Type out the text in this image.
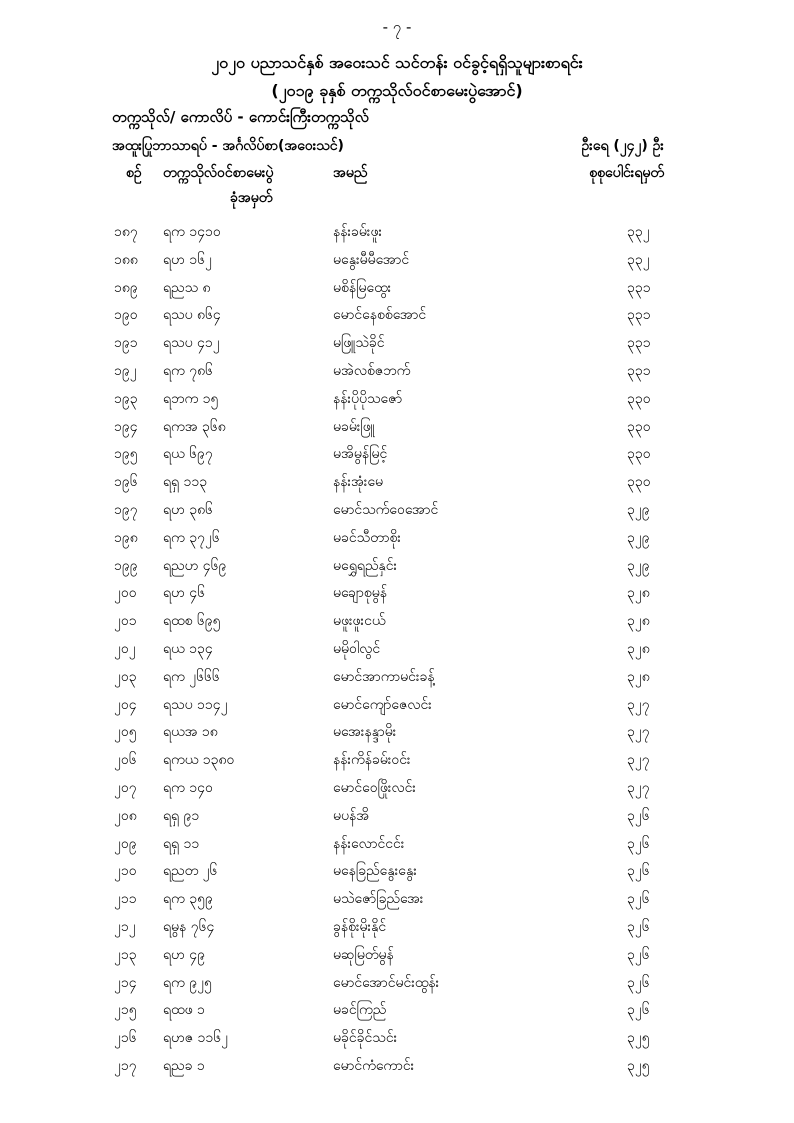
- ၇ -
၂၀၂၀ ပညာသင်နှစ် အဝေးသင် သင်တန်း ဝင်ခွင့်ရရှိသူများစာရင်း
(၂၀၁၉ ခုနှစ် တက္ကသိုလ်ဝင်စာမေးပွဲအောင်)
တက္ကသိုလ်/ ကောလိပ် - ကောင်းကြီးတက္ကသိုလ်
အထူးပြုဘာသာရပ် - အင်္ဂလိပ်စာ(အဝေးသင်)	ဦးရေ (၂၄၂) ဦး
စဉ် တက္ကသိုလ်ဝင်စာမေးပွဲ
ခုံအမှတ်
အမည်	စုစုပေါင်းရမှတ်
၁၈၇ ရက ၁၄၁၀	နန်းခမ်းဖူး	၃၃၂
၁၈၈ ရဟ ၁၆၂	မနွေးမီမီအောင်	၃၃၂
၁၈၉ ရညသ ၈	မစိန်မြထွေး	၃၃၁
၁၉၀ ရသပ ၈၆၄	မောင်နေစစ်အောင်	၃၃၁
၁၉၁ ရသပ ၄၁၂	မဖြူသဲခိုင်	၃၃၁
၁၉၂ ရက ၇၈၆	မအဲလစ်ဇဘက်	၃၃၁
၁၉၃ ရဘက ၁၅	နန်းပိုပိုသဇော်	၃၃၀
၁၉၄ ရကအ ၃၆၈	မခမ်းဖြူ	၃၃၀
၁၉၅ ရယ ၆၉၇	မအိမွန်မြင့်	၃၃၀
၁၉၆ ရရှ ၁၁၃	နန်းအုံးမေ	၃၃၀
၁၉၇ ရဟ ၃၈၆	မောင်သက်ဝေအောင်	၃၂၉
၁၉၈ ရက ၃၇၂၆	မခင်သီတာစိုး	၃၂၉
၁၉၉ ရညဟ ၄၆၉	မရွှေရည်နှင်း	၃၂၉
၂၀၀ ရဟ ၄၆	မချောစုမွန်	၃၂၈
၂၀၁ ရထစ ၆၉၅	မဖူးဖူးငယ်	၃၂၈
၂၀၂ ရယ ၁၃၄	မမိုဝါလွင်	၃၂၈
၂၀၃ ရက ၂၆၆၆	မောင်အာကာမင်းခန့်	၃၂၈
၂၀၄ ရသပ ၁၁၄၂	မောင်ကျော်ဇေလင်း	၃၂၇
၂၀၅ ရယအ ၁၈	မအေးနန္ဒာမိုး	၃၂၇
၂၀၆ ရကယ ၁၃၈၀	နန်းကိန်ခမ်းဝင်း	၃၂၇
၂၀၇ ရက ၁၄၀	မောင်ဝေဖြိုးလင်း	၃၂၇
၂၀၈ ရရှ ၉၁	မပန်အိ	၃၂၆
၂၀၉ ရရှ ၁၁	နန်းလောင်ငင်း	၃၂၆
၂၁၀ ရညတ ၂၆	မနေခြည်နွေးနွေး	၃၂၆
၂၁၁ ရက ၃၅၉	မသဲဇော်ခြည်အေး	၃၂၆
၂၁၂ ရမွန ၇၆၄	ခွန်စိုးမိုးနိုင်	၃၂၆
၂၁၃ ရဟ ၄၉	မဆုမြတ်မွန်	၃၂၆
၂၁၄ ရက ၉၂၅	မောင်အောင်မင်းထွန်း	၃၂၆
၂၁၅ ရထဖ ၁	မခင်ကြည်	၃၂၆
၂၁၆ ရဟဇ ၁၁၆၂	မခိုင်ခိုင်သင်း	၃၂၅
၂၁၇ ရညခ ၁	မောင်ကံကောင်း	၃၂၅
